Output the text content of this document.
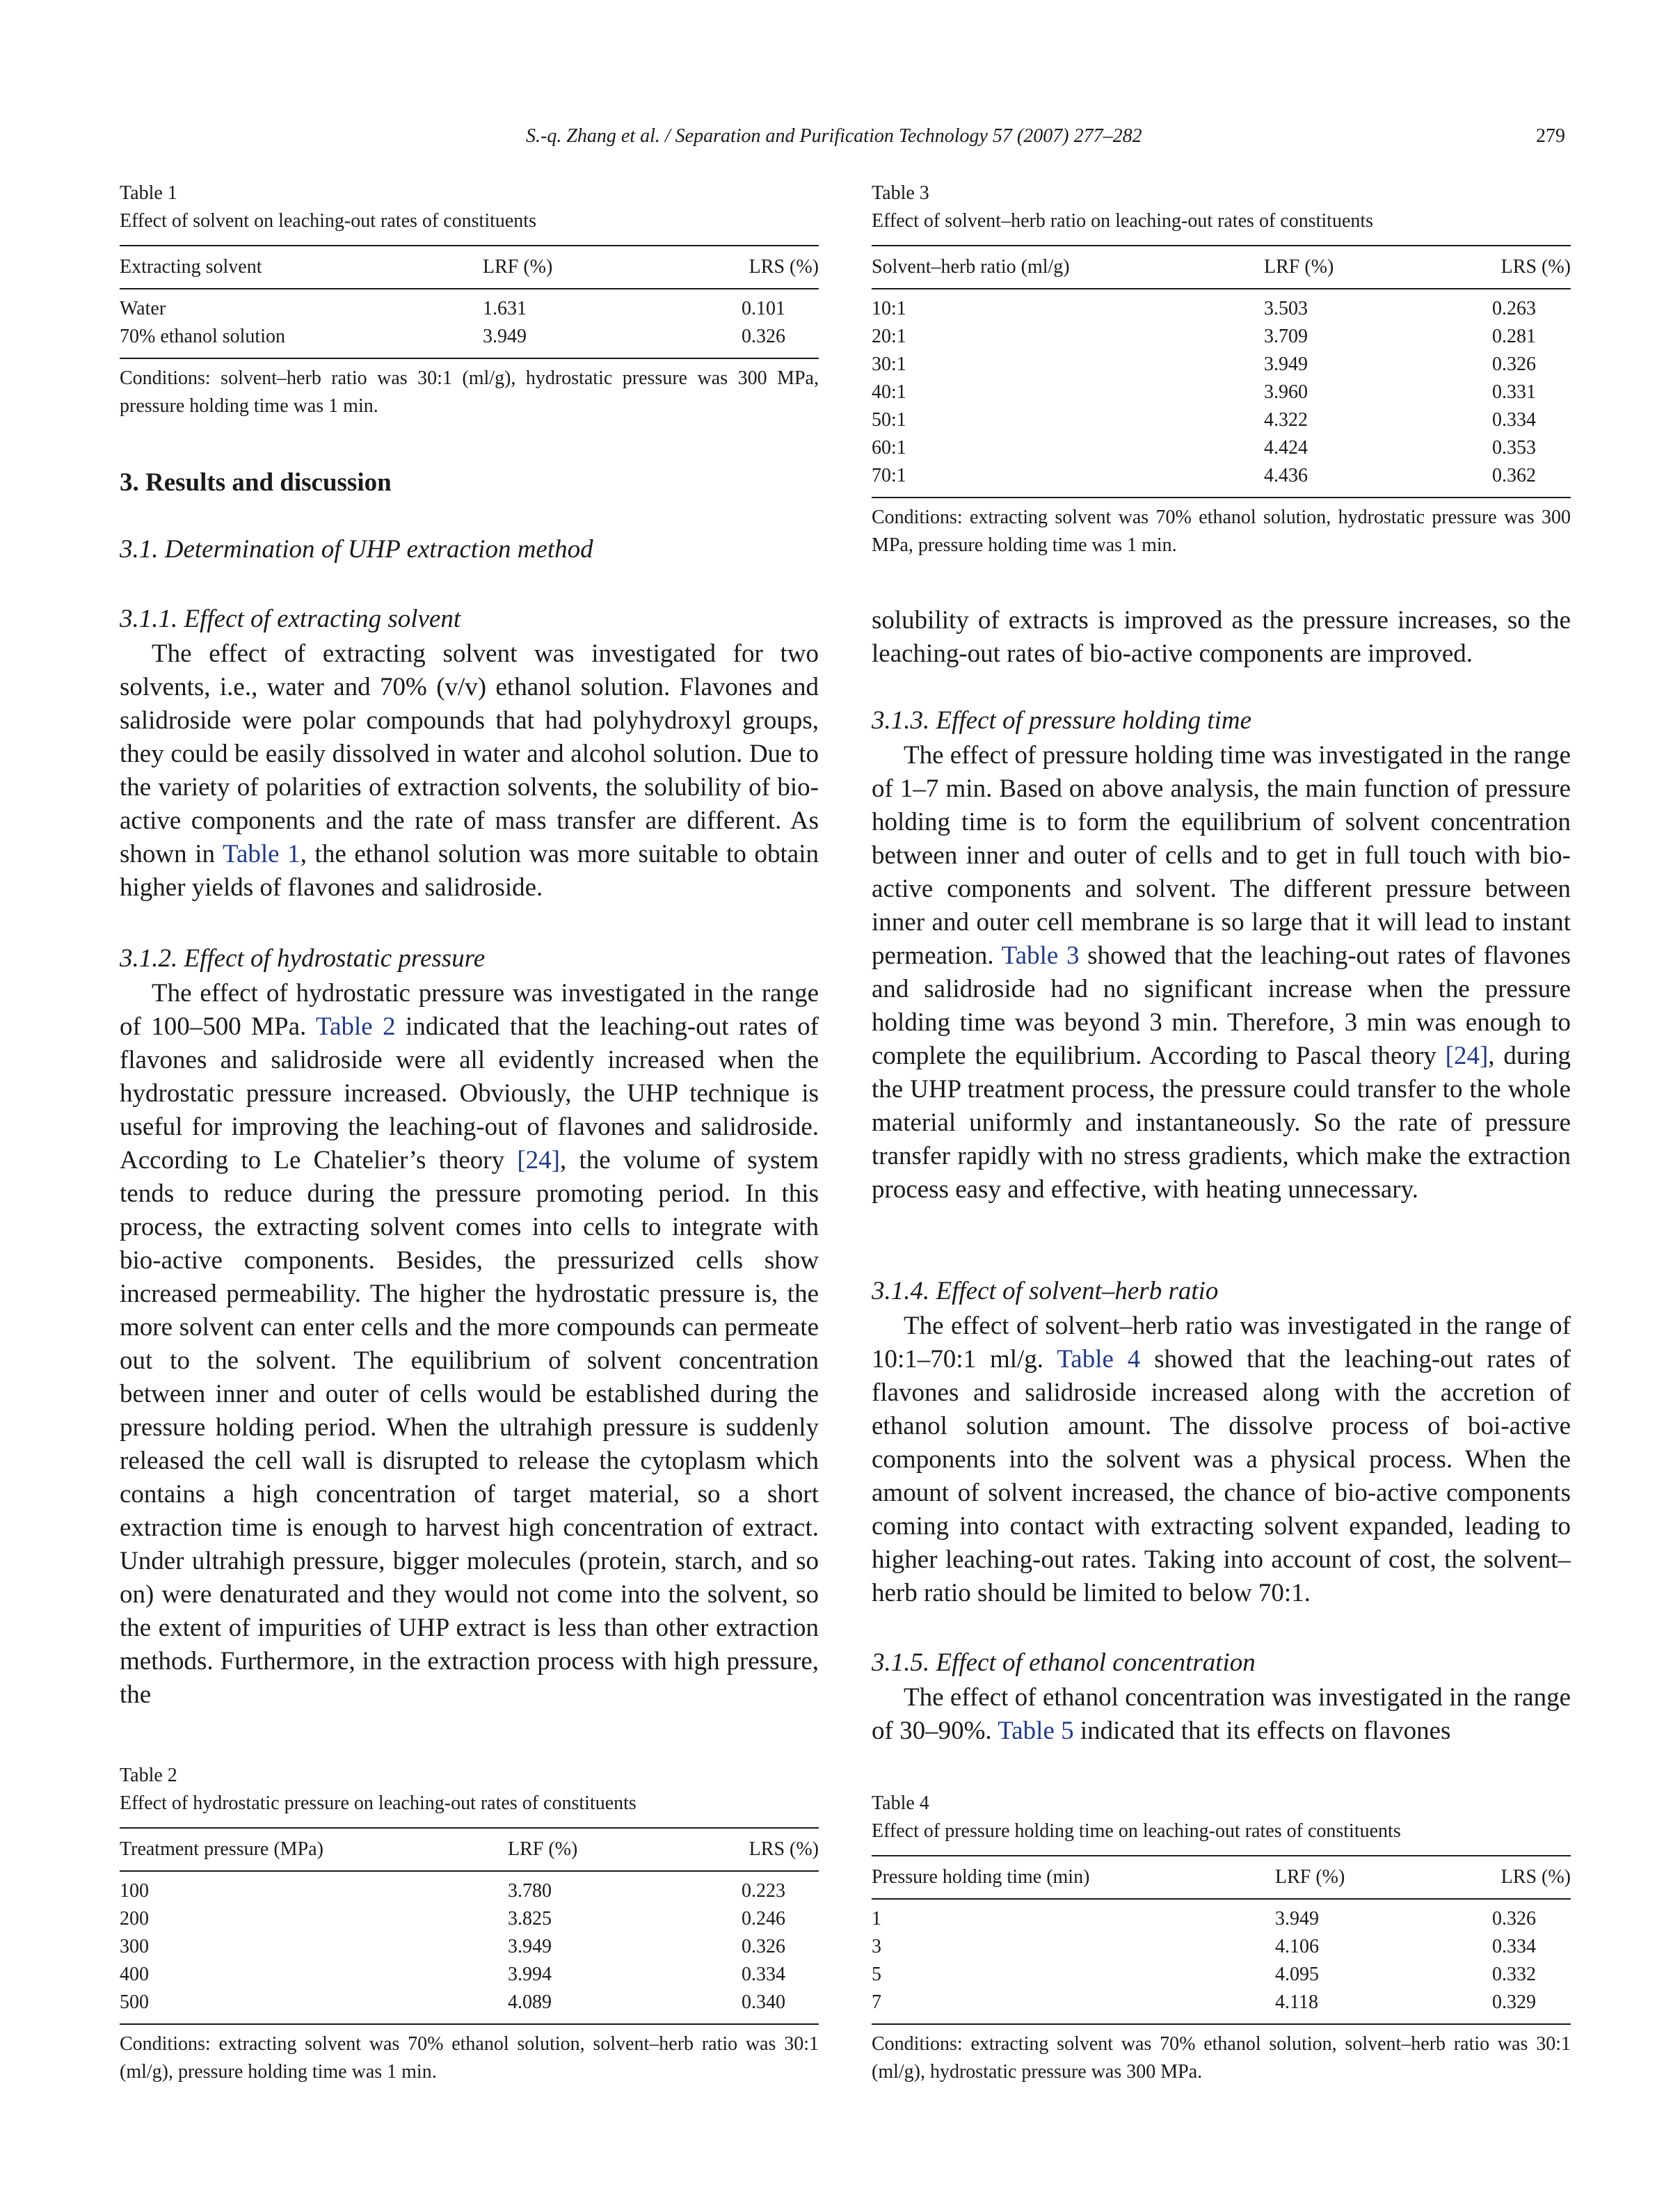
S.-q. Zhang et al. / Separation and Purification Technology 57 (2007) 277–282	279
Table 1
Effect of solvent on leaching-out rates of constituents
Extracting solvent	LRF (%)	LRS (%)
Water	1.631	0.101
70% ethanol solution	3.949	0.326
Conditions: solvent–herb ratio was 30:1 (ml/g), hydrostatic pressure was 300 MPa, pressure holding time was 1 min.
3. Results and discussion
3.1. Determination of UHP extraction method
3.1.1. Effect of extracting solvent
The effect of extracting solvent was investigated for two solvents, i.e., water and 70% (v/v) ethanol solution. Flavones and salidroside were polar compounds that had polyhydroxyl groups, they could be easily dissolved in water and alcohol solution. Due to the variety of polarities of extraction solvents, the solubility of bio-active components and the rate of mass transfer are different. As shown in Table 1, the ethanol solution was more suitable to obtain higher yields of flavones and salidroside.
3.1.2. Effect of hydrostatic pressure
The effect of hydrostatic pressure was investigated in the range of 100–500 MPa. Table 2 indicated that the leaching-out rates of flavones and salidroside were all evidently increased when the hydrostatic pressure increased. Obviously, the UHP technique is useful for improving the leaching-out of flavones and salidroside. According to Le Chatelier’s theory [24], the volume of system tends to reduce during the pressure promoting period. In this process, the extracting solvent comes into cells to integrate with bio-active components. Besides, the pressurized cells show increased permeability. The higher the hydrostatic pressure is, the more solvent can enter cells and the more compounds can permeate out to the solvent. The equilibrium of solvent concentration between inner and outer of cells would be established during the pressure holding period. When the ultrahigh pressure is suddenly released the cell wall is disrupted to release the cytoplasm which contains a high concentration of target material, so a short extraction time is enough to harvest high concentration of extract. Under ultrahigh pressure, bigger molecules (protein, starch, and so on) were denaturated and they would not come into the solvent, so the extent of impurities of UHP extract is less than other extraction methods. Furthermore, in the extraction process with high pressure, the
Table 2
Effect of hydrostatic pressure on leaching-out rates of constituents
Treatment pressure (MPa)	LRF (%)	LRS (%)
100	3.780	0.223
200	3.825	0.246
300	3.949	0.326
400	3.994	0.334
500	4.089	0.340
Conditions: extracting solvent was 70% ethanol solution, solvent–herb ratio was 30:1 (ml/g), pressure holding time was 1 min.
Table 3
Effect of solvent–herb ratio on leaching-out rates of constituents
Solvent–herb ratio (ml/g)	LRF (%)	LRS (%)
10:1	3.503	0.263
20:1	3.709	0.281
30:1	3.949	0.326
40:1	3.960	0.331
50:1	4.322	0.334
60:1	4.424	0.353
70:1	4.436	0.362
Conditions: extracting solvent was 70% ethanol solution, hydrostatic pressure was 300 MPa, pressure holding time was 1 min.
solubility of extracts is improved as the pressure increases, so the leaching-out rates of bio-active components are improved.
3.1.3. Effect of pressure holding time
The effect of pressure holding time was investigated in the range of 1–7 min. Based on above analysis, the main function of pressure holding time is to form the equilibrium of solvent concentration between inner and outer of cells and to get in full touch with bio-active components and solvent. The different pressure between inner and outer cell membrane is so large that it will lead to instant permeation. Table 3 showed that the leaching-out rates of flavones and salidroside had no significant increase when the pressure holding time was beyond 3 min. Therefore, 3 min was enough to complete the equilibrium. According to Pascal theory [24], during the UHP treatment process, the pressure could transfer to the whole material uniformly and instantaneously. So the rate of pressure transfer rapidly with no stress gradients, which make the extraction process easy and effective, with heating unnecessary.
3.1.4. Effect of solvent–herb ratio
The effect of solvent–herb ratio was investigated in the range of 10:1–70:1 ml/g. Table 4 showed that the leaching-out rates of flavones and salidroside increased along with the accretion of ethanol solution amount. The dissolve process of boi-active components into the solvent was a physical process. When the amount of solvent increased, the chance of bio-active components coming into contact with extracting solvent expanded, leading to higher leaching-out rates. Taking into account of cost, the solvent–herb ratio should be limited to below 70:1.
3.1.5. Effect of ethanol concentration
The effect of ethanol concentration was investigated in the range of 30–90%. Table 5 indicated that its effects on flavones
Table 4
Effect of pressure holding time on leaching-out rates of constituents
Pressure holding time (min)	LRF (%)	LRS (%)
1	3.949	0.326
3	4.106	0.334
5	4.095	0.332
7	4.118	0.329
Conditions: extracting solvent was 70% ethanol solution, solvent–herb ratio was 30:1 (ml/g), hydrostatic pressure was 300 MPa.
